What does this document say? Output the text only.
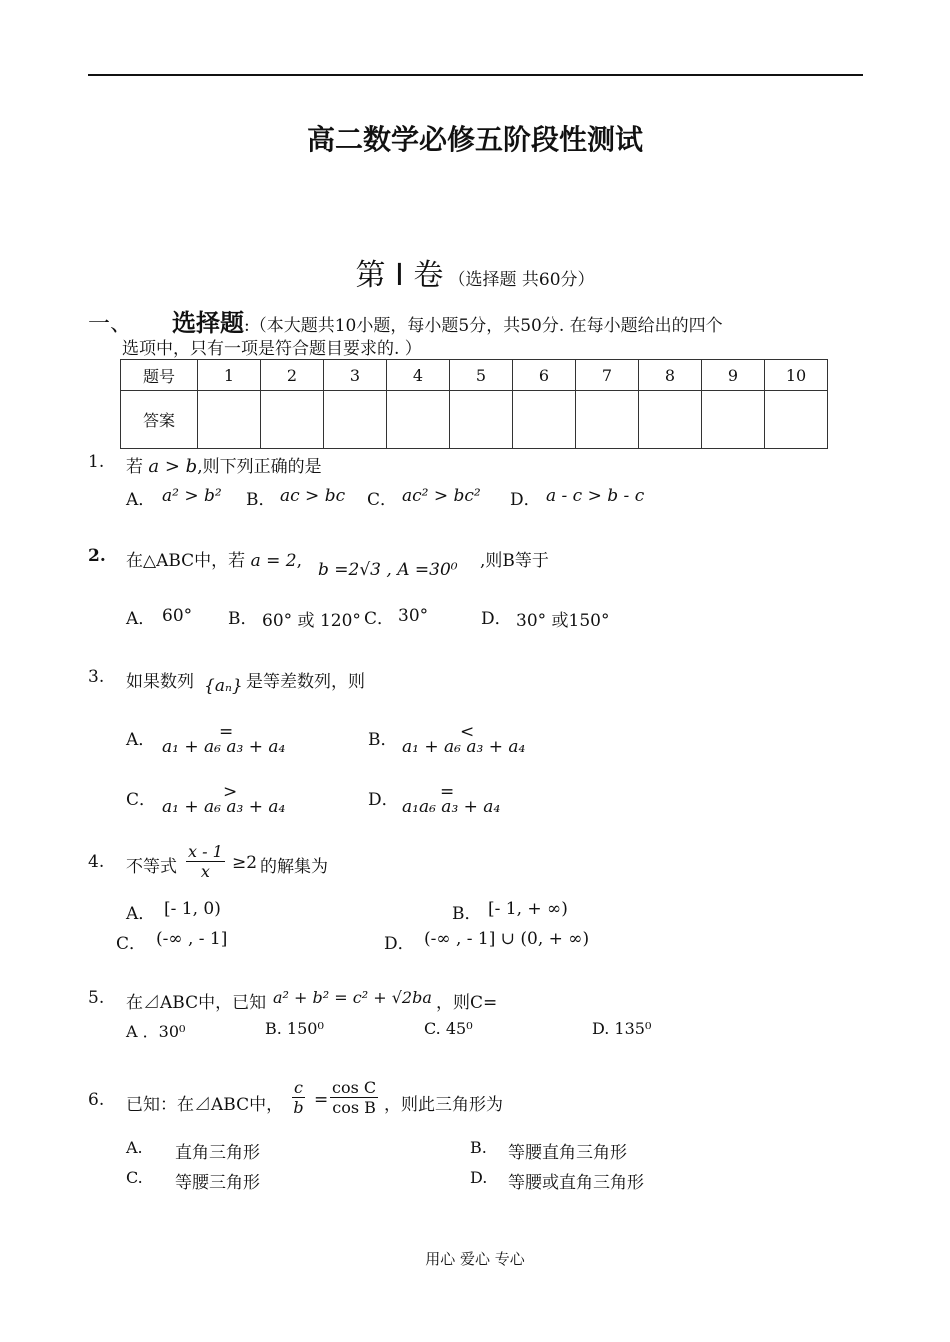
高二数学必修五阶段性测试
第 I 卷 （选择题 共60分）
一、 选择题:（本大题共10小题，每小题5分，共50分. 在每小题给出的四个
选项中，只有一项是符合题目要求的. ）
题号	1	2	3	4	5	6	7	8	9	10
答案										
1. 若 a > b,则下列正确的是
A． a² > b² B． ac > bc C． ac² > bc² D． a - c > b - c
2. 在△ABC中，若 a = 2, b =2√3 , A =30⁰ ,则B等于
A． 60° B． 60° 或 120° C． 30°	D． 30° 或150°
3. 如果数列 {aₙ} 是等差数列，则
A．	=
a₁ + a₆ a₃ + a₄	B．	<
a₁ + a₆ a₃ + a₄
C．	>
a₁ + a₆ a₃ + a₄	D． =
a₁a₆ a₃ + a₄
4. 不等式 $\frac{x - 1}{x} \ge 2$ 的解集为
A． [- 1, 0)	B． [- 1, + ∞)
C． (-∞ , - 1]	D． (-∞ , - 1] ∪ (0, + ∞)
5. 在⊿ABC中，已知 a² + b² = c² + √2ba ，则C=
A ．30⁰	B. 150⁰	C. 45⁰	D. 135⁰
6. 已知：在⊿ABC中， $\frac{c}{b} = \frac{\text{cos C}}{\text{cos B}}$ ，则此三角形为
A. 直角三角形	B. 等腰直角三角形
C. 等腰三角形	D. 等腰或直角三角形
用心 爱心 专心
